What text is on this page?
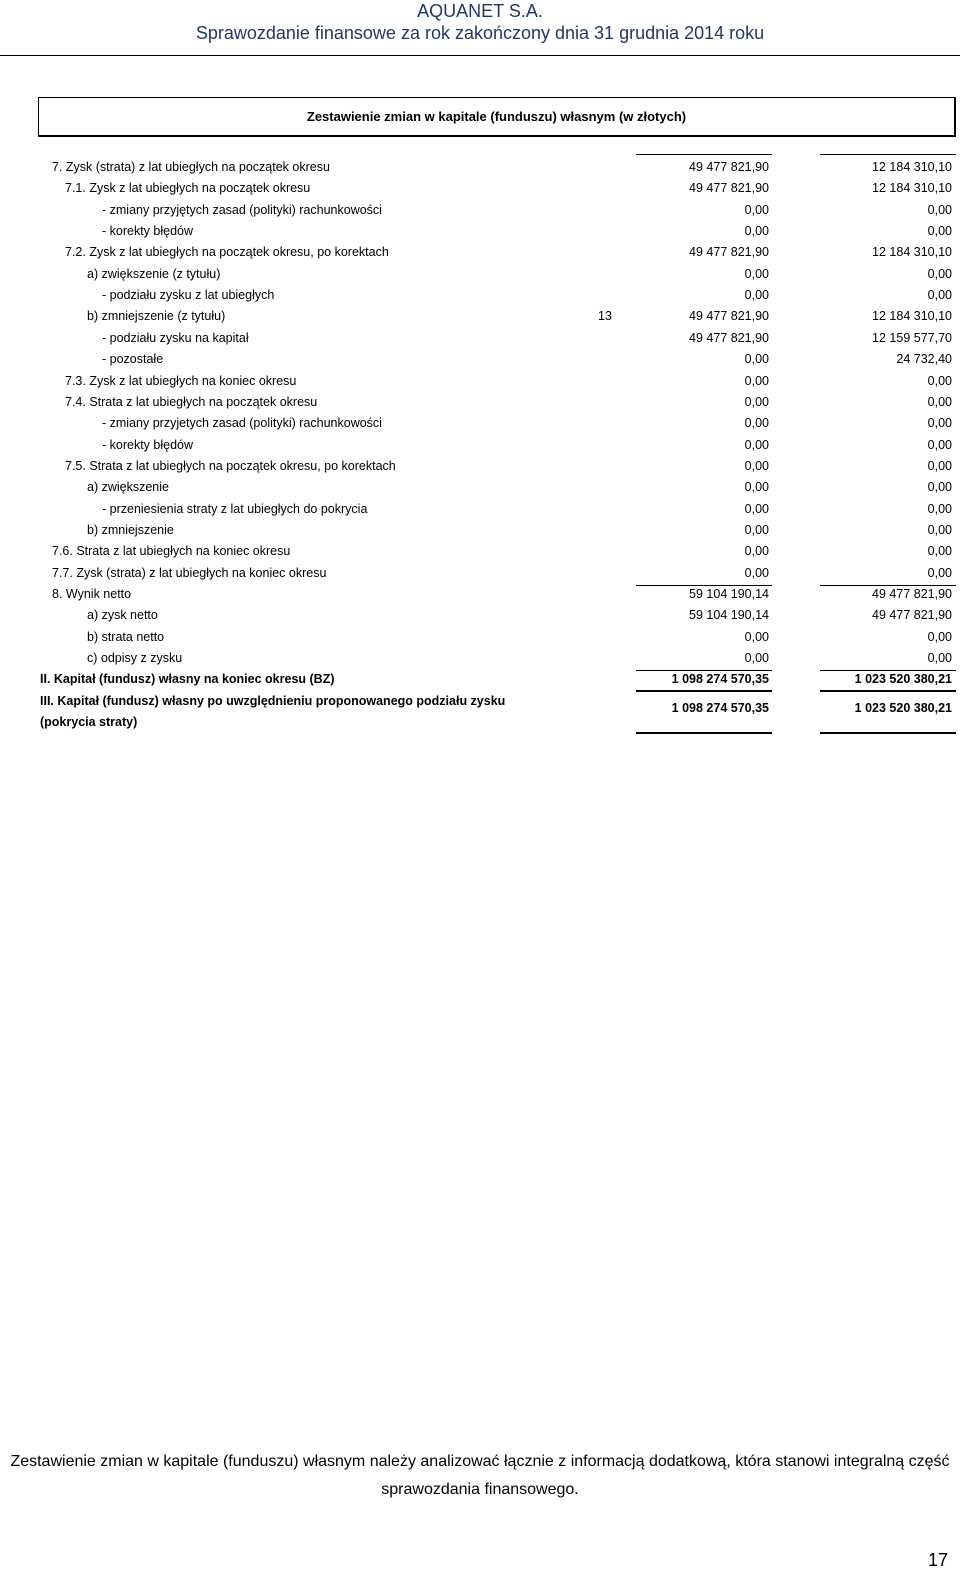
AQUANET S.A.
Sprawozdanie finansowe za rok zakończony dnia 31 grudnia 2014 roku
Zestawienie zmian w kapitale (funduszu) własnym (w złotych)
7. Zysk (strata) z lat ubiegłych na początek okresu	49 477 821,90	12 184 310,10
7.1. Zysk z lat ubiegłych na początek okresu	49 477 821,90	12 184 310,10
- zmiany przyjętych zasad (polityki) rachunkowości	0,00	0,00
- korekty błędów	0,00	0,00
7.2. Zysk z lat ubiegłych na początek okresu, po korektach	49 477 821,90	12 184 310,10
a) zwiększenie (z tytułu)	0,00	0,00
- podziału zysku z lat ubiegłych	0,00	0,00
b) zmniejszenie (z tytułu)	13	49 477 821,90	12 184 310,10
- podziału zysku na kapitał	49 477 821,90	12 159 577,70
- pozostałe	0,00	24 732,40
7.3. Zysk z lat ubiegłych na koniec okresu	0,00	0,00
7.4. Strata z lat ubiegłych na początek okresu	0,00	0,00
- zmiany przyjetych zasad (polityki) rachunkowości	0,00	0,00
- korekty błędów	0,00	0,00
7.5. Strata z lat ubiegłych na początek okresu, po korektach	0,00	0,00
a) zwiększenie	0,00	0,00
- przeniesienia straty z lat ubiegłych do pokrycia	0,00	0,00
b) zmniejszenie	0,00	0,00
7.6. Strata z lat ubiegłych na koniec okresu	0,00	0,00
7.7. Zysk (strata) z lat ubiegłych na koniec okresu	0,00	0,00
8. Wynik netto	59 104 190,14	49 477 821,90
a) zysk netto	59 104 190,14	49 477 821,90
b) strata netto	0,00	0,00
c) odpisy z zysku	0,00	0,00
II. Kapitał (fundusz) własny na koniec okresu (BZ)	1 098 274 570,35	1 023 520 380,21
III. Kapitał (fundusz) własny po uwzględnieniu proponowanego podziału zysku (pokrycia straty)
1 098 274 570,35	1 023 520 380,21
Zestawienie zmian w kapitale (funduszu) własnym należy analizować łącznie z informacją dodatkową, która stanowi integralną część sprawozdania finansowego.
17
